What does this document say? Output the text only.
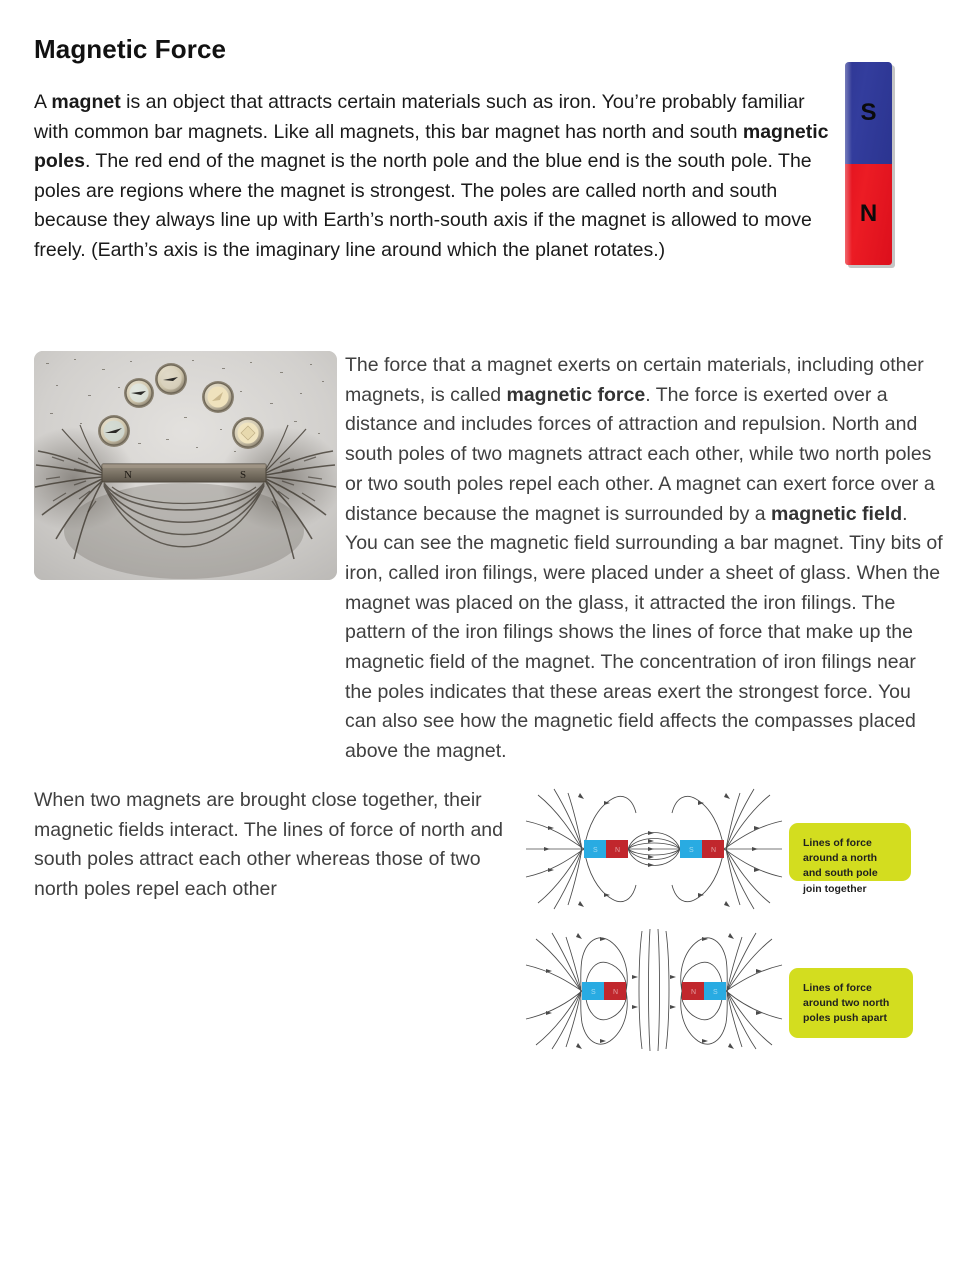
Magnetic Force
S
N

A magnet is an object that attracts certain materials such as iron. You’re probably familiar with common bar magnets. Like all magnets, this bar magnet has north and south magnetic poles. The red end of the magnet is the north pole and the blue end is the south pole. The poles are regions where the magnet is strongest. The poles are called north and south because they always line up with Earth’s north-south axis if the magnet is allowed to move freely. (Earth’s axis is the imaginary line around which the planet rotates.)

N	S

The force that a magnet exerts on certain materials, including other magnets, is called magnetic force. The force is exerted over a distance and includes forces of attraction and repulsion. North and south poles of two magnets attract each other, while two north poles or two south poles repel each other. A magnet can exert force over a distance because the magnet is surrounded by a magnetic field. You can see the magnetic field surrounding a bar magnet. Tiny bits of iron, called iron filings, were placed under a sheet of glass. When the magnet was placed on the glass, it attracted the iron filings. The pattern of the iron filings shows the lines of force that make up the magnetic field of the magnet. The concentration of iron filings near the poles indicates that these areas exert the strongest force. You can also see how the magnetic field affects the compasses placed above the magnet.

When two magnets are brought close together, their magnetic fields interact. The lines of force of north and south poles attract each other whereas those of two north poles repel each other

S N	S N
Lines of force around a north and south pole join together
S N	N S	Lines of force around two north poles push apart
